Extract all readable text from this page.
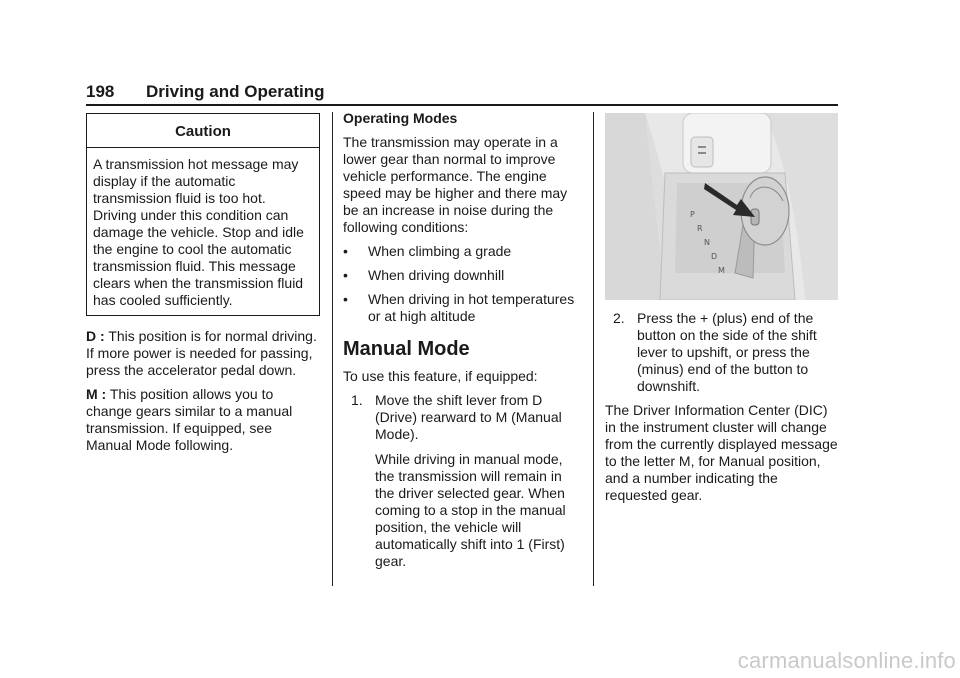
198 Driving and Operating
Caution
A transmission hot message may display if the automatic transmission fluid is too hot. Driving under this condition can damage the vehicle. Stop and idle the engine to cool the automatic transmission fluid. This message clears when the transmission fluid has cooled sufficiently.

D : This position is for normal driving. If more power is needed for passing, press the accelerator pedal down.

M : This position allows you to change gears similar to a manual transmission. If equipped, see Manual Mode following.

Operating Modes

The transmission may operate in a lower gear than normal to improve vehicle performance. The engine speed may be higher and there may be an increase in noise during the following conditions:

• When climbing a grade
• When driving downhill
• When driving in hot temperatures or at high altitude
Manual Mode

To use this feature, if equipped:

1. Move the shift lever from D (Drive) rearward to M (Manual Mode).
While driving in manual mode, the transmission will remain in the driver selected gear. When coming to a stop in the manual position, the vehicle will automatically shift into 1 (First) gear.
P
R
N
D
M
2. Press the + (plus) end of the button on the side of the shift lever to upshift, or press the (minus) end of the button to downshift.

The Driver Information Center (DIC) in the instrument cluster will change from the currently displayed message to the letter M, for Manual position, and a number indicating the requested gear.

carmanualsonline.info
